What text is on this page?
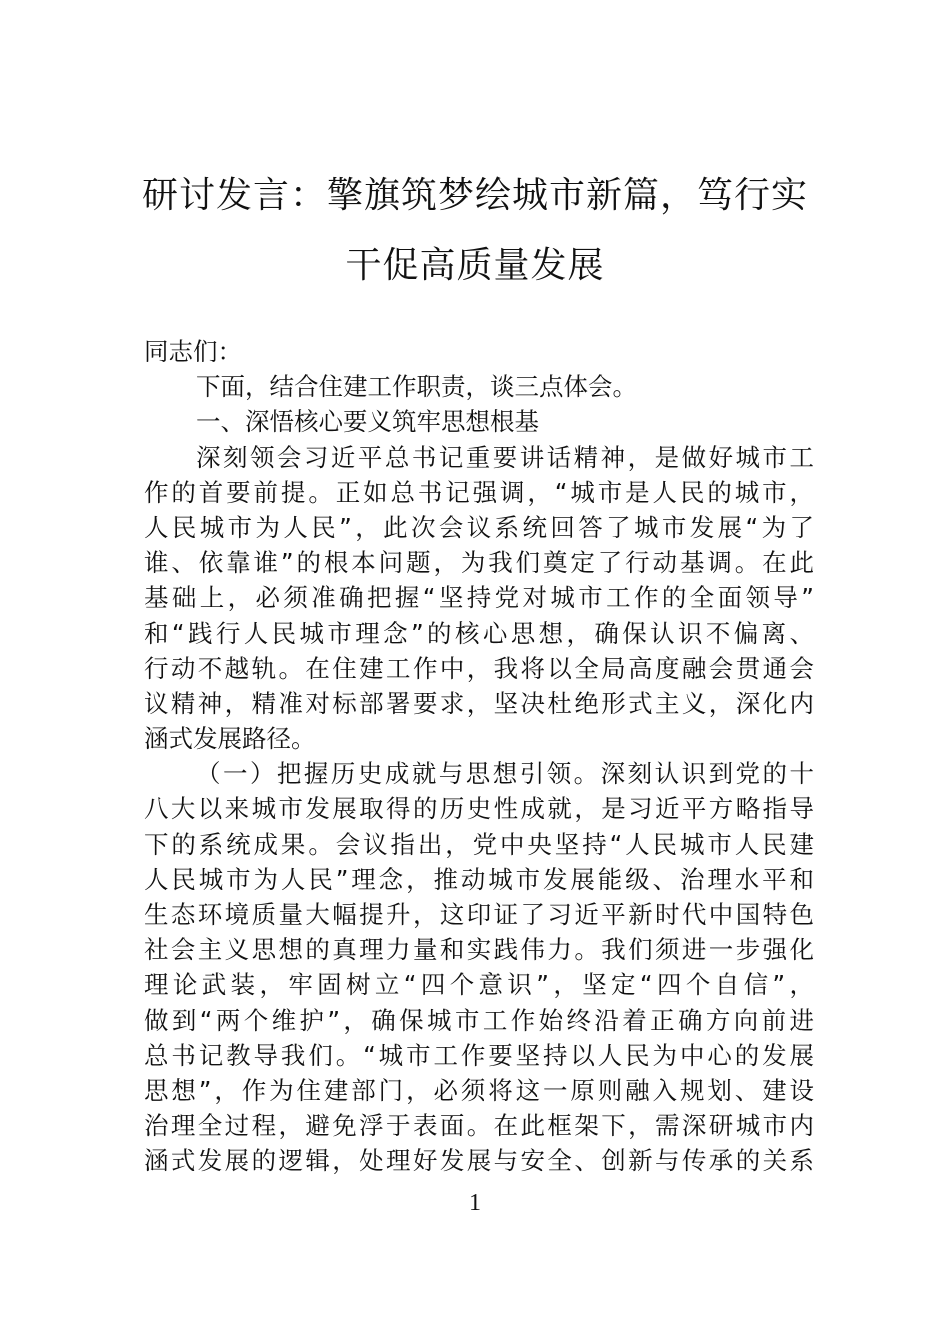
研讨发言：擎旗筑梦绘城市新篇，笃行实
干促高质量发展
同志们：
下面，结合住建工作职责，谈三点体会。
一、深悟核心要义筑牢思想根基
深刻领会习近平总书记重要讲话精神，是做好城市工
作的首要前提。正如总书记强调，“城市是人民的城市，
人民城市为人民”，此次会议系统回答了城市发展“为了
谁、依靠谁”的根本问题，为我们奠定了行动基调。在此
基础上，必须准确把握“坚持党对城市工作的全面领导”
和“践行人民城市理念”的核心思想，确保认识不偏离、
行动不越轨。在住建工作中，我将以全局高度融会贯通会
议精神，精准对标部署要求，坚决杜绝形式主义，深化内
涵式发展路径。
（一）把握历史成就与思想引领。深刻认识到党的十
八大以来城市发展取得的历史性成就，是习近平方略指导
下的系统成果。会议指出，党中央坚持“人民城市人民建
人民城市为人民”理念，推动城市发展能级、治理水平和
生态环境质量大幅提升，这印证了习近平新时代中国特色
社会主义思想的真理力量和实践伟力。我们须进一步强化
理论武装，牢固树立“四个意识”，坚定“四个自信”，
做到“两个维护”，确保城市工作始终沿着正确方向前进
总书记教导我们。“城市工作要坚持以人民为中心的发展
思想”，作为住建部门，必须将这一原则融入规划、建设
治理全过程，避免浮于表面。在此框架下，需深研城市内
涵式发展的逻辑，处理好发展与安全、创新与传承的关系
1
